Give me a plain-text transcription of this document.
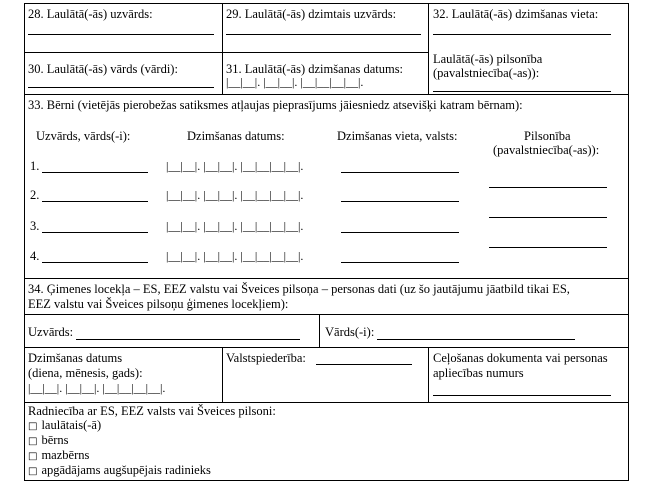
28. Laulātā(-ās) uzvārds:	29. Laulātā(-ās) dzimtais uzvārds:	32. Laulātā(-ās) dzimšanas vieta:
30. Laulātā(-ās) vārds (vārdi):	31. Laulātā(-ās) dzimšanas datums:
|__|__|. |__|__|. |__|__|__|__|.
Laulātā(-ās) pilsonība
(pavalstniecība(-as)):
33. Bērni (vietējās pierobežas satiksmes atļaujas pieprasījums jāiesniedz atsevišķi katram bērnam):
Uzvārds, vārds(-i):	Dzimšanas datums:	Dzimšanas vieta, valsts:	Pilsonība
(pavalstniecība(-as)):
1.	|__|__|. |__|__|. |__|__|__|__|.
2.	|__|__|. |__|__|. |__|__|__|__|.
3.	|__|__|. |__|__|. |__|__|__|__|.
4.	|__|__|. |__|__|. |__|__|__|__|.
34. Ģimenes locekļa – ES, EEZ valstu vai Šveices pilsoņa – personas dati (uz šo jautājumu jāatbild tikai ES,
EEZ valstu vai Šveices pilsoņu ģimenes locekļiem):
Uzvārds:	Vārds(-i):
Dzimšanas datums
(diena, mēnesis, gads):
|__|__|. |__|__|. |__|__|__|__|.
Valstspiederība:	Ceļošanas dokumenta vai personas
apliecības numurs
Radniecība ar ES, EEZ valsts vai Šveices pilsoni:
□ laulātais(-ā)
□ bērns
□ mazbērns
□ apgādājams augšupējais radinieks
